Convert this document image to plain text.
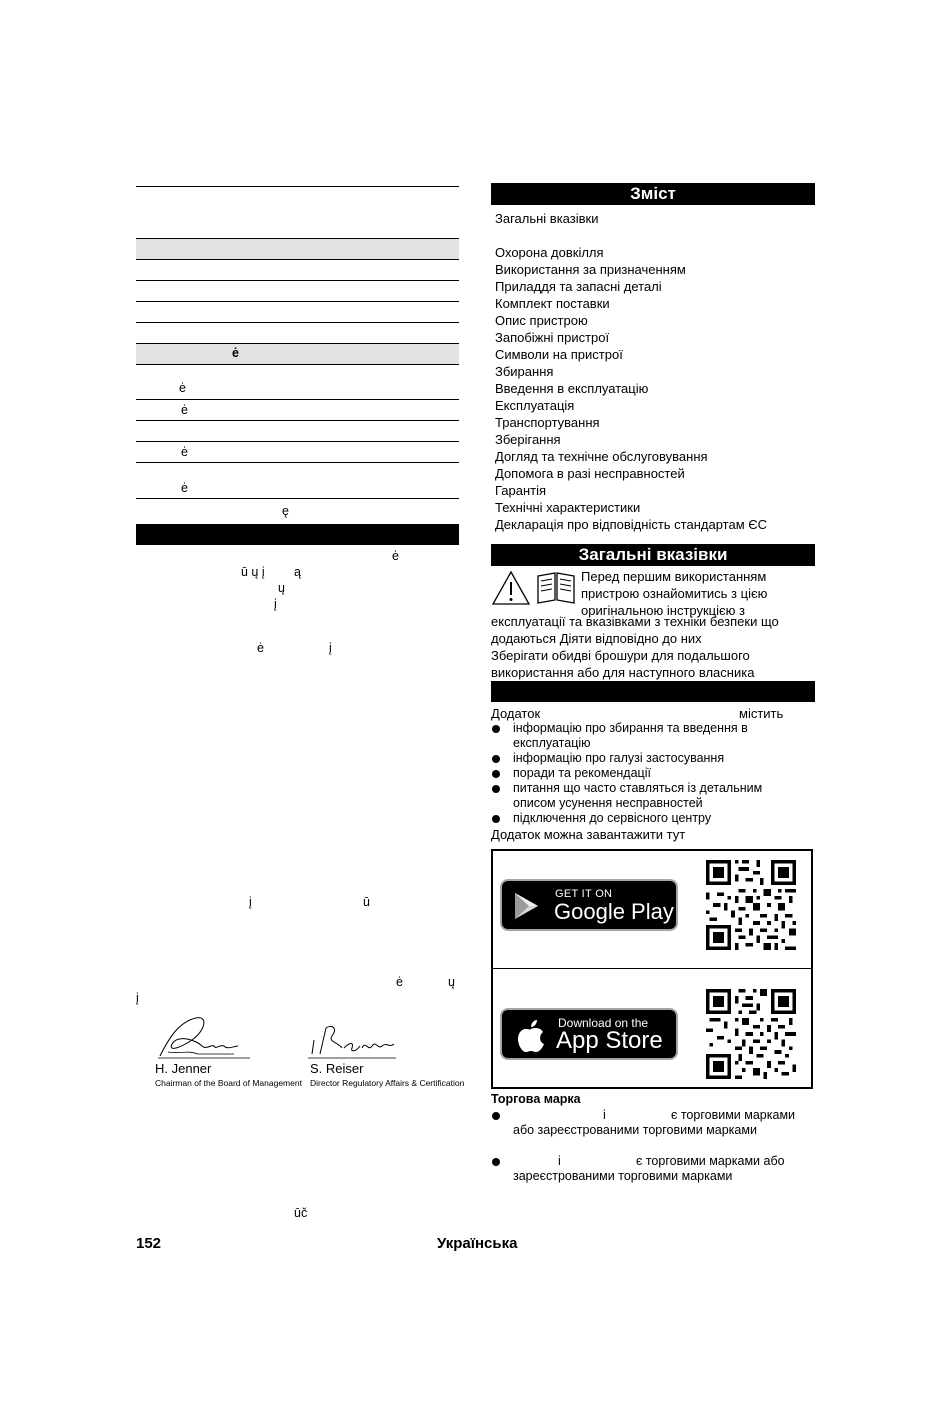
ė
ė
ė
ė
ė
ę
ė
ū ų į ą
ų
į
ė	į
į	ū
ė	ų
į
ūč
H. Jenner
Chairman of the Board of Management
S. Reiser
Director Regulatory Affairs & Certification
Зміст
Загальні вказівки
Охорона довкілля
Використання за призначенням
Приладдя та запасні деталі
Комплект поставки
Опис пристрою
Запобіжні пристрої
Символи на пристрої
Збирання
Введення в експлуатацію
Експлуатація
Транспортування
Зберігання
Догляд та технічне обслуговування
Допомога в разі несправностей
Гарантія
Технічні характеристики
Декларація про відповідність стандартам ЄС
Загальні вказівки
Перед першим використанням
пристрою ознайомитись з цією
оригінальною інструкцією з
експлуатації та вказівками з техніки безпеки що
додаються Діяти відповідно до них
Зберігати обидві брошури для подальшого
використання або для наступного власника
Додаток	містить
інформацію про збирання та введення в
експлуатацію
інформацію про галузі застосування
поради та рекомендації
питання що часто ставляться із детальним
описом усунення несправностей
підключення до сервісного центру
Додаток можна завантажити тут
GET IT ON
Google Play
Download on the
App Store
Торгова марка
і	є торговими марками
або зареєстрованими торговими марками
і	є торговими марками або
зареєстрованими торговими марками
152	Українська
